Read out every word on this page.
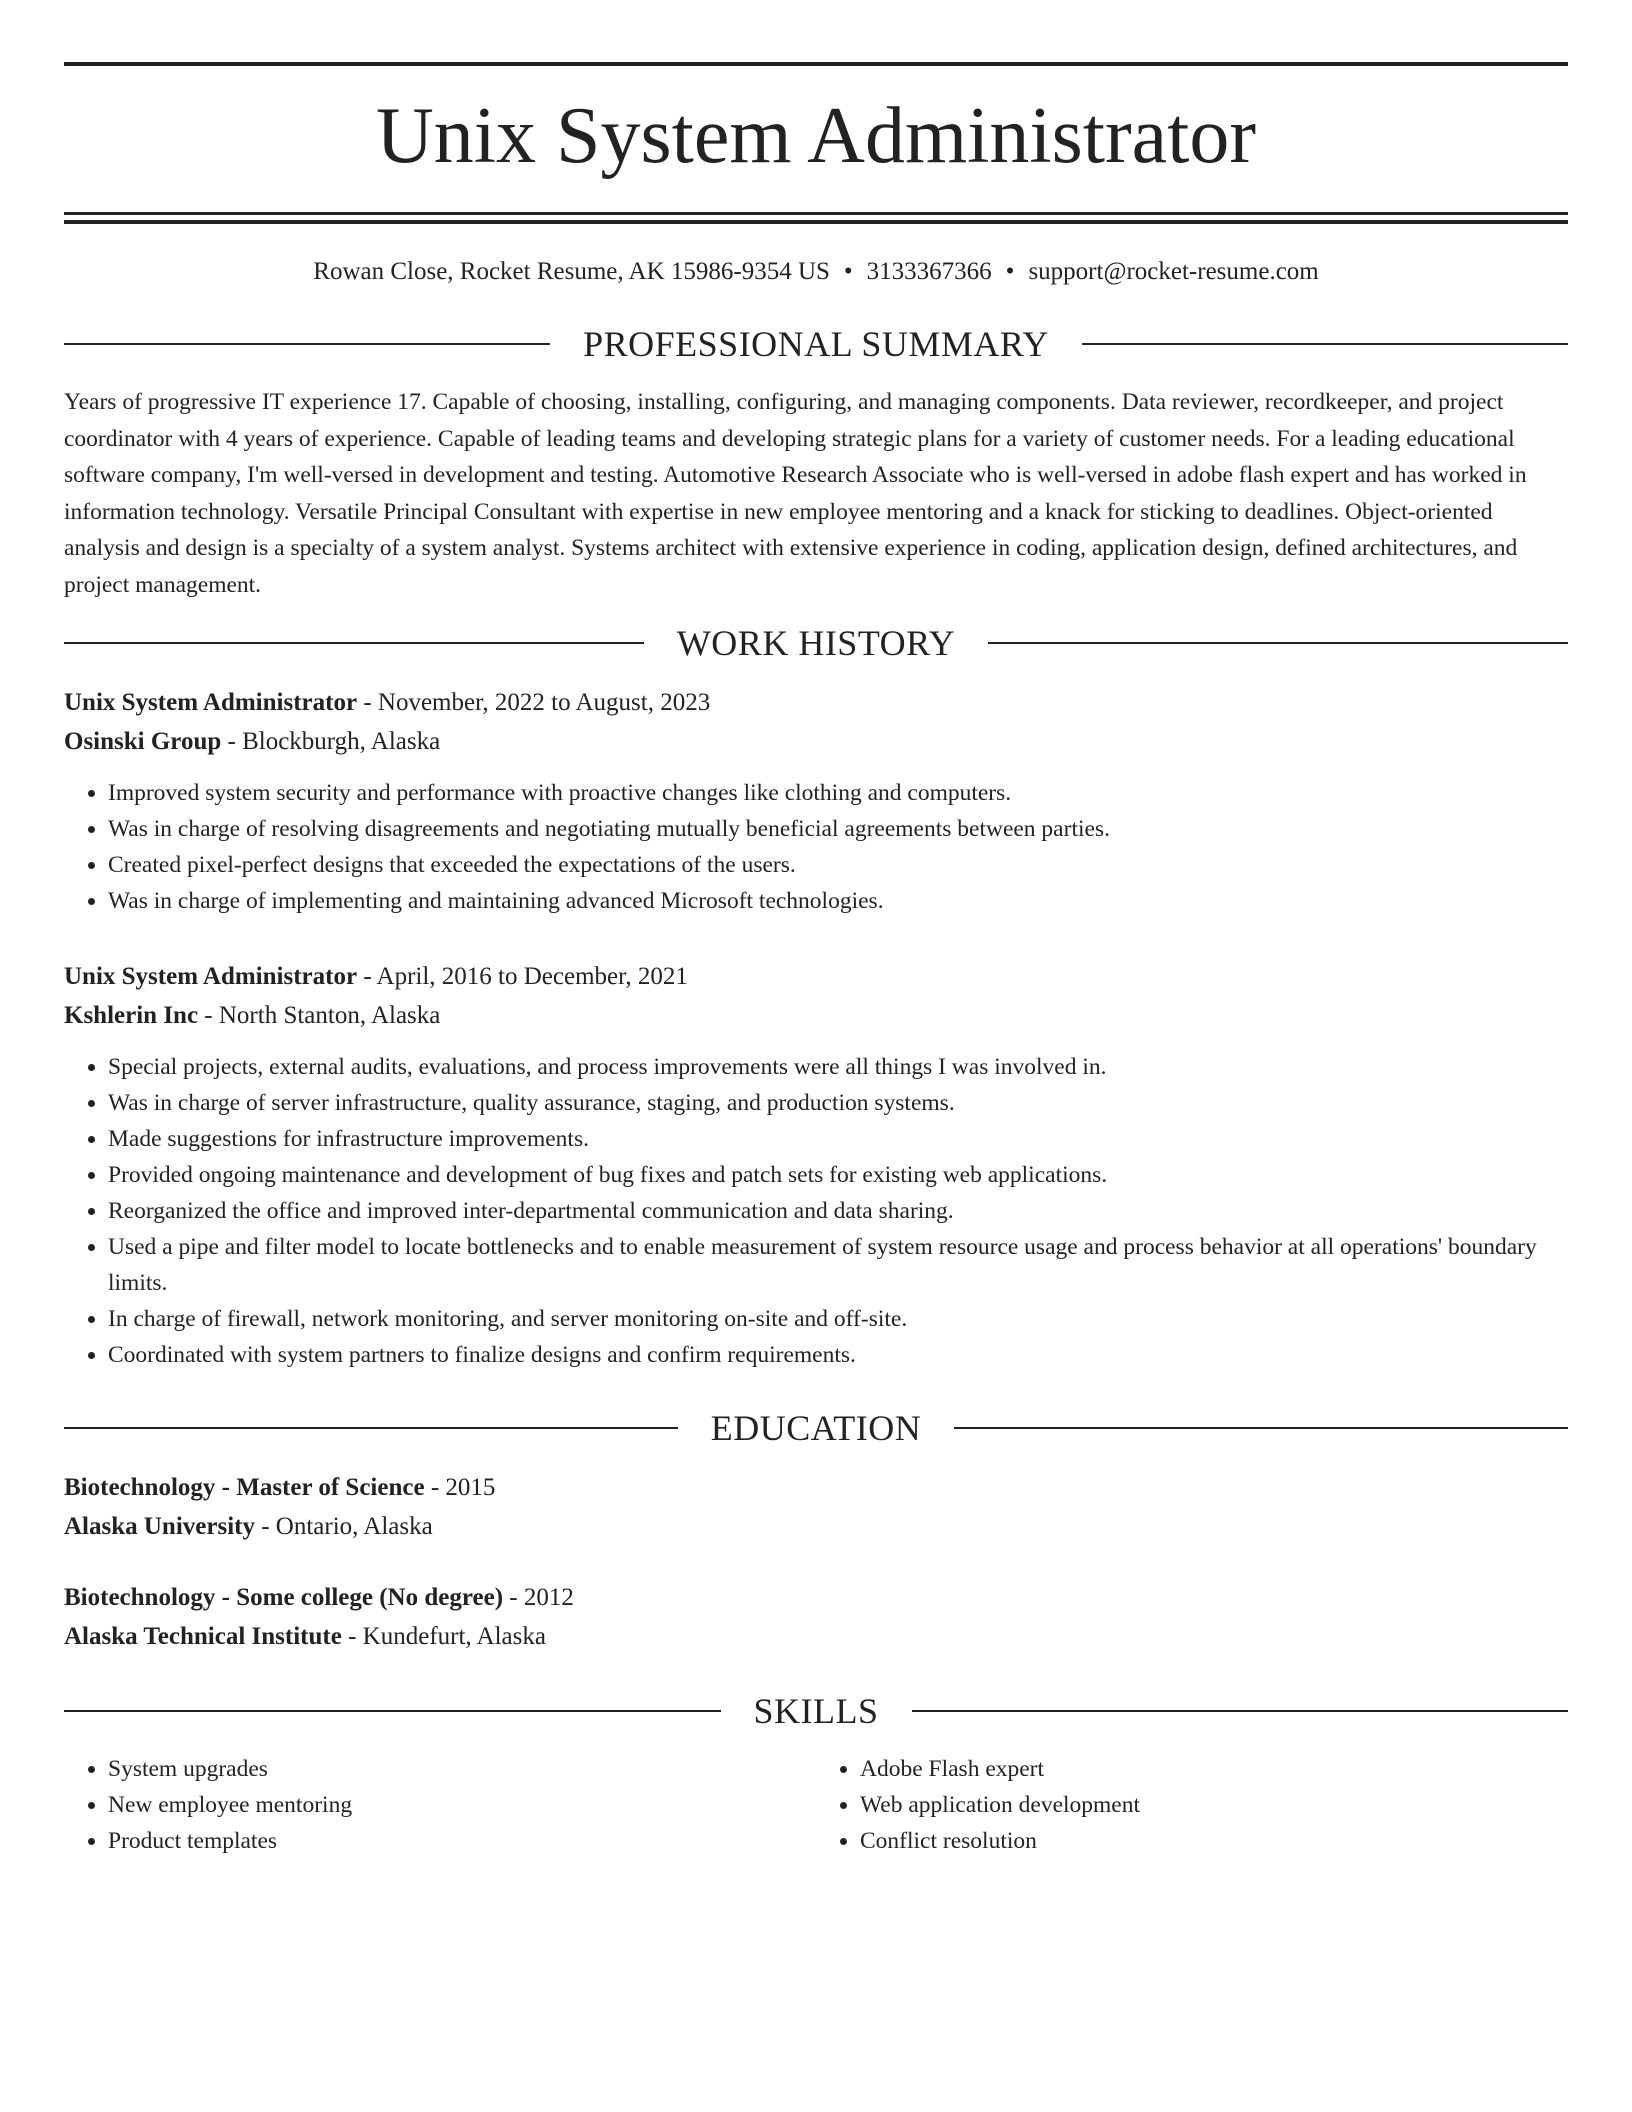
Unix System Administrator
Rowan Close, Rocket Resume, AK 15986-9354 US • 3133367366 • support@rocket-resume.com
PROFESSIONAL SUMMARY

Years of progressive IT experience 17. Capable of choosing, installing, configuring, and managing components. Data reviewer, recordkeeper, and project coordinator with 4 years of experience. Capable of leading teams and developing strategic plans for a variety of customer needs. For a leading educational software company, I'm well-versed in development and testing. Automotive Research Associate who is well-versed in adobe flash expert and has worked in information technology. Versatile Principal Consultant with expertise in new employee mentoring and a knack for sticking to deadlines. Object-oriented analysis and design is a specialty of a system analyst. Systems architect with extensive experience in coding, application design, defined architectures, and project management.

WORK HISTORY
Unix System Administrator - November, 2022 to August, 2023
Osinski Group - Blockburgh, Alaska
• Improved system security and performance with proactive changes like clothing and computers.
• Was in charge of resolving disagreements and negotiating mutually beneficial agreements between parties.
• Created pixel-perfect designs that exceeded the expectations of the users.
• Was in charge of implementing and maintaining advanced Microsoft technologies.
Unix System Administrator - April, 2016 to December, 2021
Kshlerin Inc - North Stanton, Alaska
• Special projects, external audits, evaluations, and process improvements were all things I was involved in.
• Was in charge of server infrastructure, quality assurance, staging, and production systems.
• Made suggestions for infrastructure improvements.
• Provided ongoing maintenance and development of bug fixes and patch sets for existing web applications.
• Reorganized the office and improved inter-departmental communication and data sharing.
• Used a pipe and filter model to locate bottlenecks and to enable measurement of system resource usage and process behavior at all operations' boundary limits.
• In charge of firewall, network monitoring, and server monitoring on-site and off-site.
• Coordinated with system partners to finalize designs and confirm requirements.
EDUCATION
Biotechnology - Master of Science - 2015
Alaska University - Ontario, Alaska
Biotechnology - Some college (No degree) - 2012
Alaska Technical Institute - Kundefurt, Alaska
SKILLS
• System upgrades
• New employee mentoring
• Product templates
• Adobe Flash expert
• Web application development
• Conflict resolution
